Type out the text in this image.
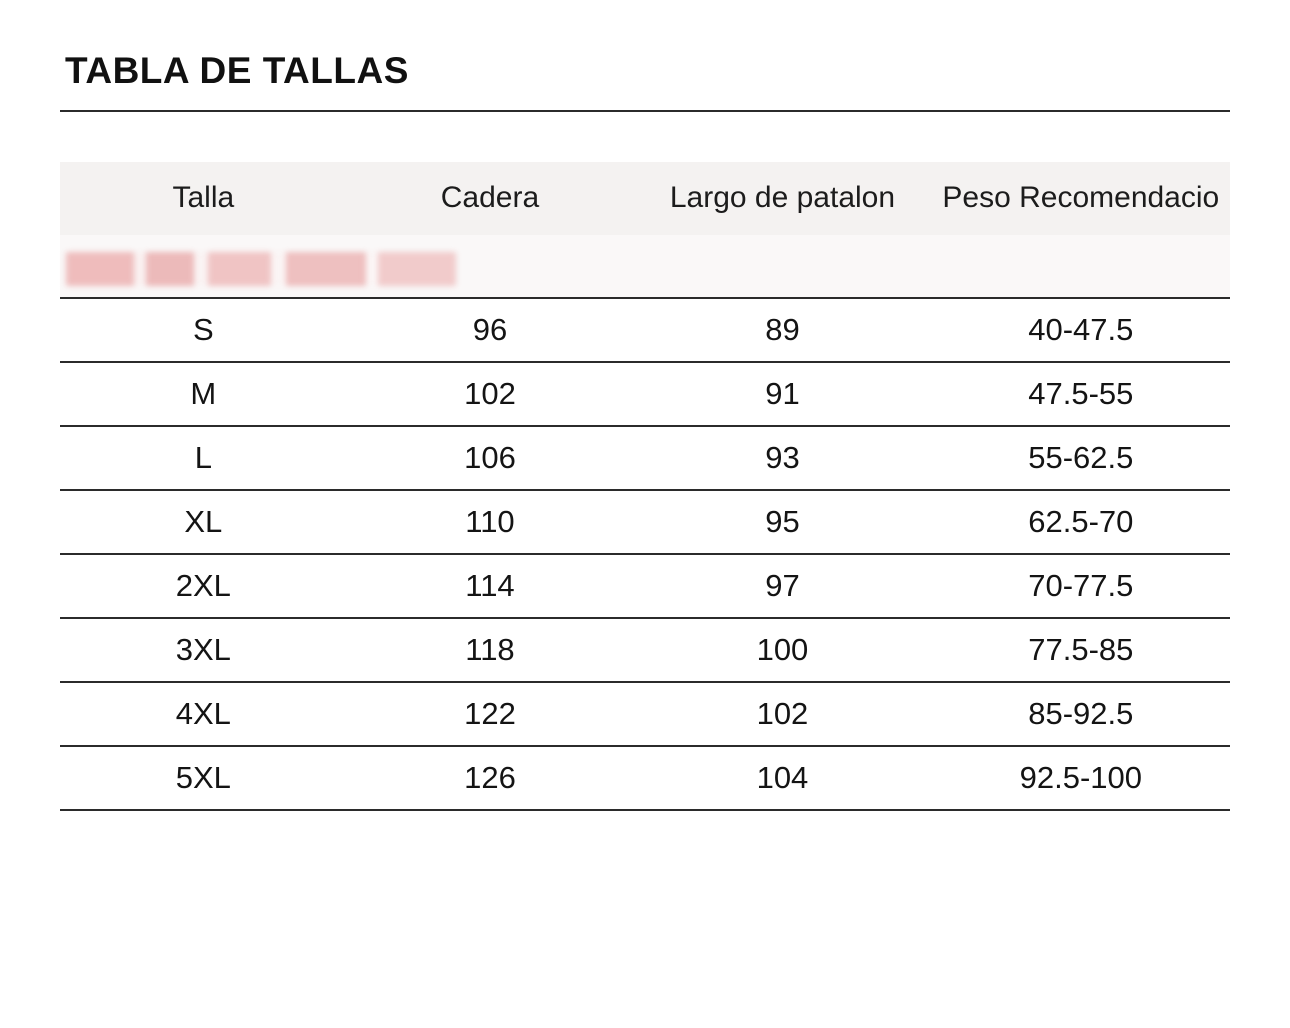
TABLA DE TALLAS
Talla	Cadera	Largo de patalon	Peso Recomendacio

S	96	89	40-47.5
M	102	91	47.5-55
L	106	93	55-62.5
XL	110	95	62.5-70
2XL	114	97	70-77.5
3XL	118	100	77.5-85
4XL	122	102	85-92.5
5XL	126	104	92.5-100
